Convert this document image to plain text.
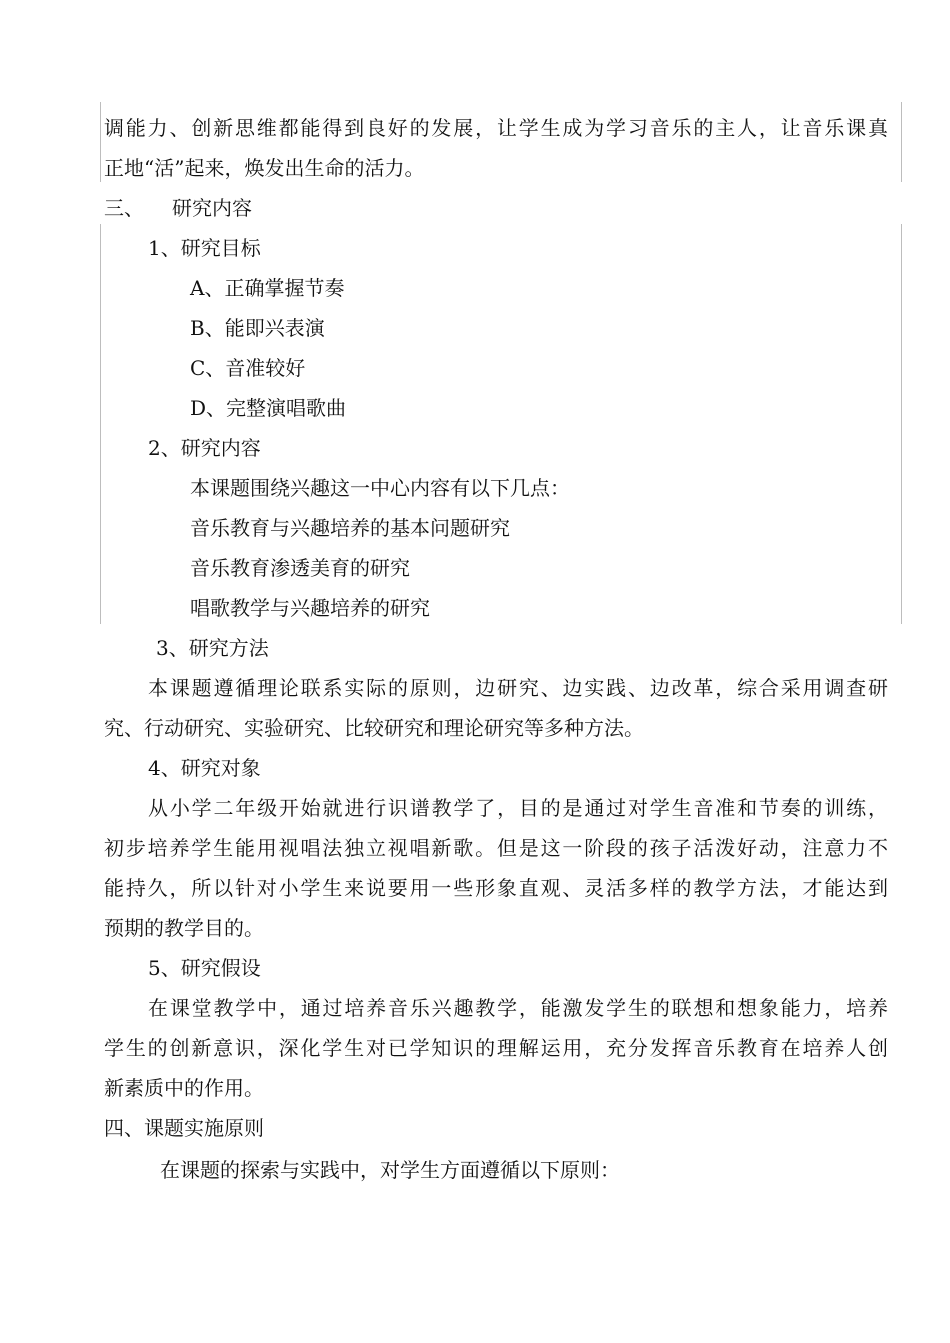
调能力、创新思维都能得到良好的发展，让学生成为学习音乐的主人，让音乐课真
正地“活”起来，焕发出生命的活力。
三、 研究内容
1、研究目标
A、正确掌握节奏
B、能即兴表演
C、音准较好
D、完整演唱歌曲
2、研究内容
本课题围绕兴趣这一中心内容有以下几点：
音乐教育与兴趣培养的基本问题研究
音乐教育渗透美育的研究
唱歌教学与兴趣培养的研究
3、研究方法
本课题遵循理论联系实际的原则，边研究、边实践、边改革，综合采用调查研
究、行动研究、实验研究、比较研究和理论研究等多种方法。
4、研究对象
从小学二年级开始就进行识谱教学了，目的是通过对学生音准和节奏的训练，
初步培养学生能用视唱法独立视唱新歌。但是这一阶段的孩子活泼好动，注意力不
能持久，所以针对小学生来说要用一些形象直观、灵活多样的教学方法，才能达到
预期的教学目的。
5、研究假设
在课堂教学中，通过培养音乐兴趣教学，能激发学生的联想和想象能力，培养
学生的创新意识，深化学生对已学知识的理解运用，充分发挥音乐教育在培养人创
新素质中的作用。
四、课题实施原则
在课题的探索与实践中，对学生方面遵循以下原则：
